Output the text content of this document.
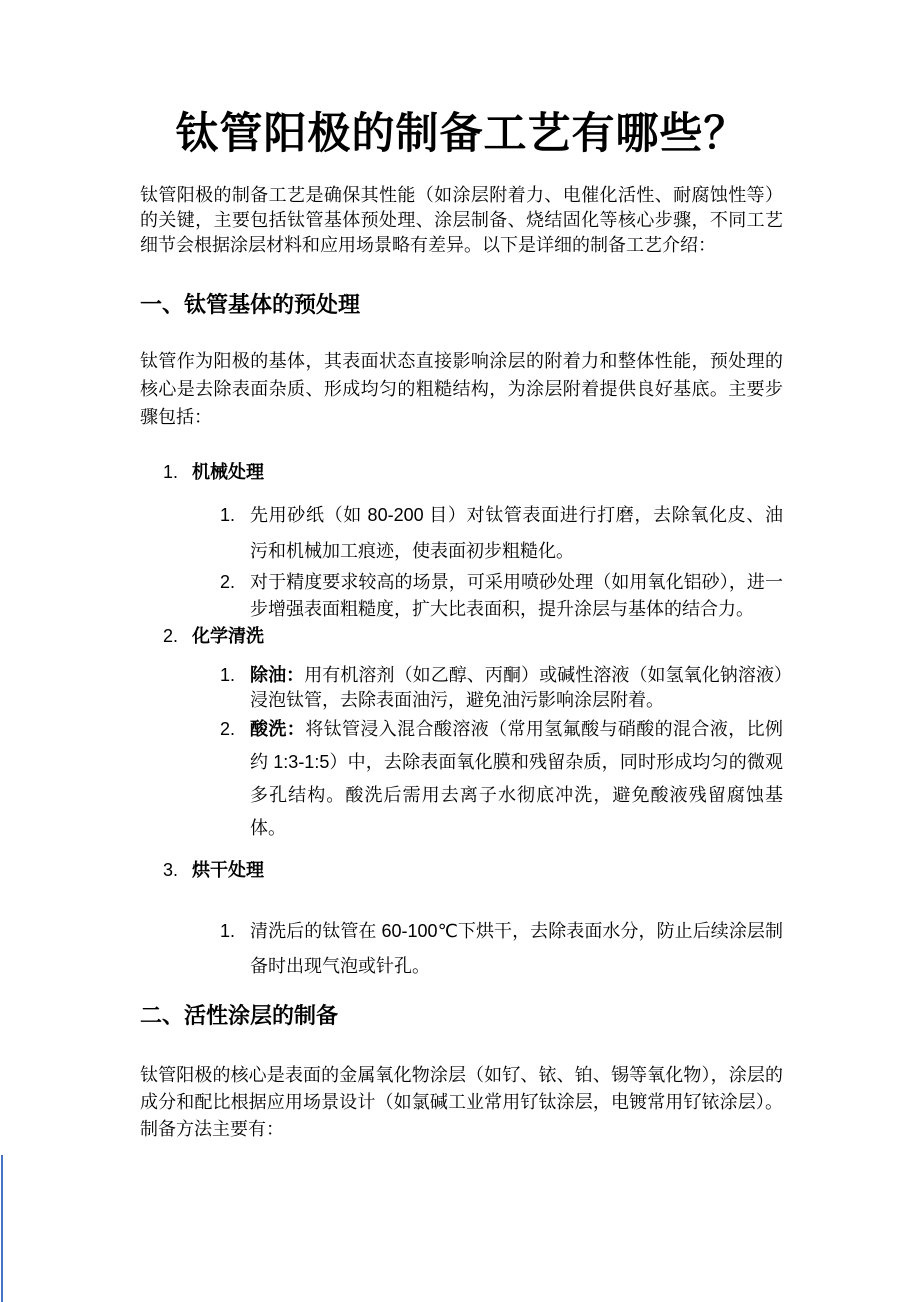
钛管阳极的制备工艺有哪些？

钛管阳极的制备工艺是确保其性能（如涂层附着力、电催化活性、耐腐蚀性等）的关键，主要包括钛管基体预处理、涂层制备、烧结固化等核心步骤，不同工艺细节会根据涂层材料和应用场景略有差异。以下是详细的制备工艺介绍：

一、钛管基体的预处理

钛管作为阳极的基体，其表面状态直接影响涂层的附着力和整体性能，预处理的核心是去除表面杂质、形成均匀的粗糙结构，为涂层附着提供良好基底。主要步骤包括：

1. 机械处理
1. 先用砂纸（如 80-200 目）对钛管表面进行打磨，去除氧化皮、油污和机械加工痕迹，使表面初步粗糙化。
2. 对于精度要求较高的场景，可采用喷砂处理（如用氧化铝砂），进一步增强表面粗糙度，扩大比表面积，提升涂层与基体的结合力。
2. 化学清洗
1. 除油：用有机溶剂（如乙醇、丙酮）或碱性溶液（如氢氧化钠溶液）浸泡钛管，去除表面油污，避免油污影响涂层附着。
2. 酸洗：将钛管浸入混合酸溶液（常用氢氟酸与硝酸的混合液，比例约 1:3-1:5）中，去除表面氧化膜和残留杂质，同时形成均匀的微观多孔结构。酸洗后需用去离子水彻底冲洗，避免酸液残留腐蚀基体。
3. 烘干处理
1. 清洗后的钛管在 60-100℃下烘干，去除表面水分，防止后续涂层制备时出现气泡或针孔。
二、活性涂层的制备

钛管阳极的核心是表面的金属氧化物涂层（如钌、铱、铂、锡等氧化物），涂层的成分和配比根据应用场景设计（如氯碱工业常用钌钛涂层，电镀常用钌铱涂层）。制备方法主要有：
